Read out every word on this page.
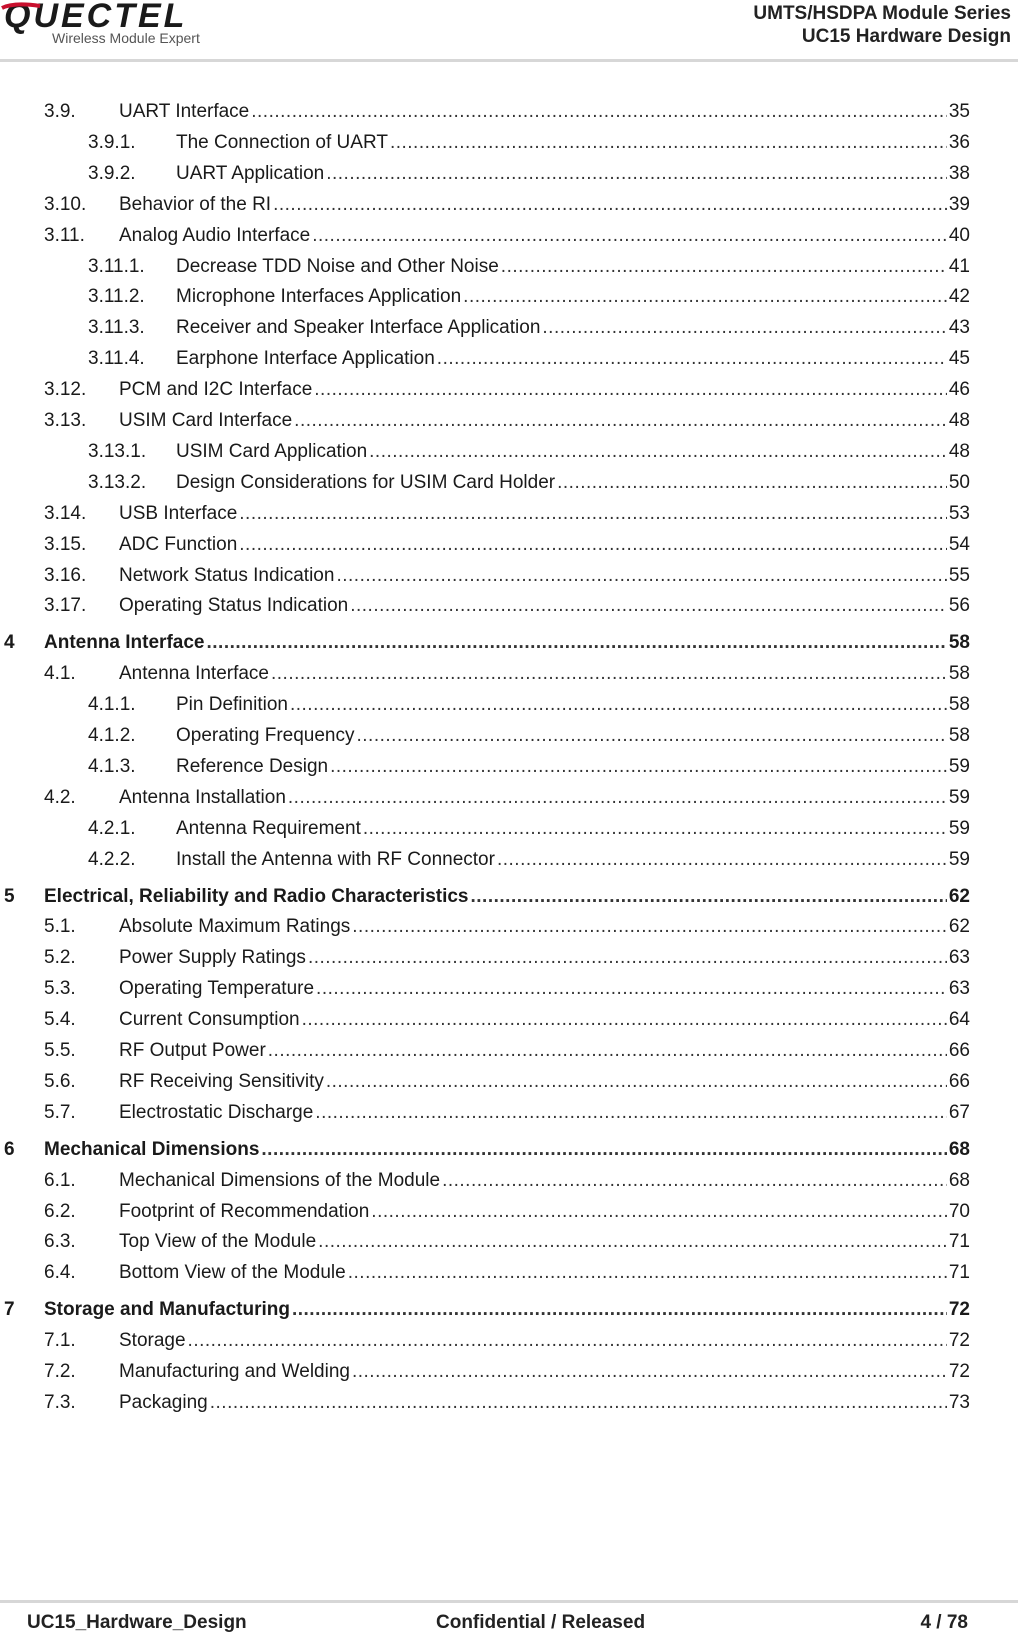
QUECTEL
Wireless Module Expert
UMTS/HSDPA Module Series
UC15 Hardware Design
3.9.	UART Interface .....	35
3.9.1.	The Connection of UART .....	36
3.9.2.	UART Application .....	38
3.10.	Behavior of the RI .....	39
3.11.	Analog Audio Interface .....	40
3.11.1.	Decrease TDD Noise and Other Noise .....	41
3.11.2.	Microphone Interfaces Application .....	42
3.11.3.	Receiver and Speaker Interface Application .....	43
3.11.4.	Earphone Interface Application .....	45
3.12.	PCM and I2C Interface .....	46
3.13.	USIM Card Interface .....	48
3.13.1.	USIM Card Application .....	48
3.13.2.	Design Considerations for USIM Card Holder .....	50
3.14.	USB Interface .....	53
3.15.	ADC Function .....	54
3.16.	Network Status Indication .....	55
3.17.	Operating Status Indication .....	56
4 Antenna Interface .....	58
4.1.	Antenna Interface .....	58
4.1.1.	Pin Definition .....	58
4.1.2.	Operating Frequency .....	58
4.1.3.	Reference Design .....	59
4.2.	Antenna Installation .....	59
4.2.1.	Antenna Requirement .....	59
4.2.2.	Install the Antenna with RF Connector .....	59
5 Electrical, Reliability and Radio Characteristics .....	62
5.1.	Absolute Maximum Ratings .....	62
5.2.	Power Supply Ratings .....	63
5.3.	Operating Temperature .....	63
5.4.	Current Consumption .....	64
5.5.	RF Output Power .....	66
5.6.	RF Receiving Sensitivity .....	66
5.7.	Electrostatic Discharge .....	67
6 Mechanical Dimensions .....	68
6.1.	Mechanical Dimensions of the Module .....	68
6.2.	Footprint of Recommendation .....	70
6.3.	Top View of the Module .....	71
6.4.	Bottom View of the Module .....	71
7 Storage and Manufacturing .....	72
7.1.	Storage .....	72
7.2.	Manufacturing and Welding .....	72
7.3.	Packaging .....	73
UC15_Hardware_Design	Confidential / Released	4 / 78
